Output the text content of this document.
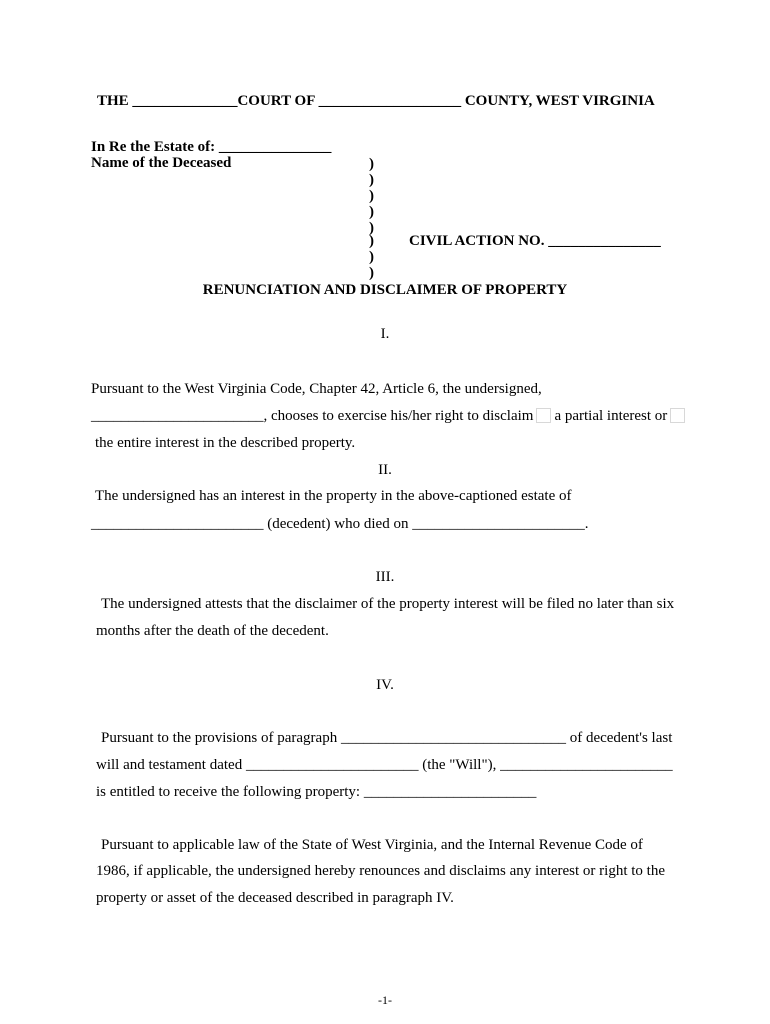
THE ______________COURT OF ___________________ COUNTY, WEST VIRGINIA
In Re the Estate of: _______________
Name of the Deceased	)
)
)
)
)
)
)
)
CIVIL ACTION NO. _______________
RENUNCIATION AND DISCLAIMER OF PROPERTY
I.
Pursuant to the West Virginia Code, Chapter 42, Article 6, the undersigned,
_______________________, chooses to exercise his/her right to disclaim a partial interest or
the entire interest in the described property.
II.
The undersigned has an interest in the property in the above-captioned estate of
_______________________ (decedent) who died on _______________________.
III.
The undersigned attests that the disclaimer of the property interest will be filed no later than six
months after the death of the decedent.
IV.
Pursuant to the provisions of paragraph ______________________________ of decedent's last
will and testament dated _______________________ (the "Will"), _______________________
is entitled to receive the following property: _______________________
Pursuant to applicable law of the State of West Virginia, and the Internal Revenue Code of
1986, if applicable, the undersigned hereby renounces and disclaims any interest or right to the
property or asset of the deceased described in paragraph IV.
-1-
